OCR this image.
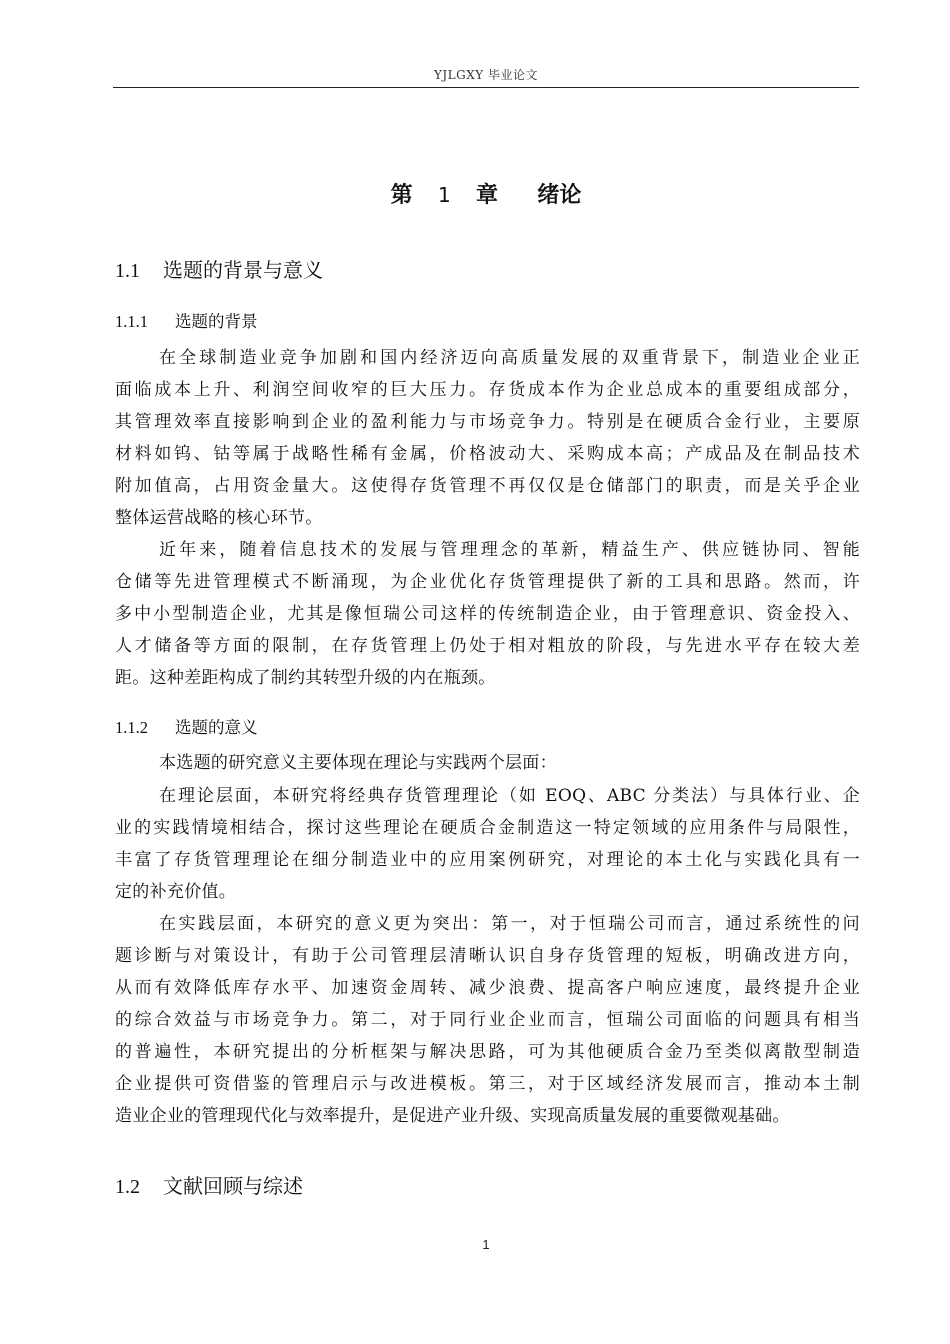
YJLGXY 毕业论文
第 1 章 绪论
1.1 选题的背景与意义
1.1.1 选题的背景
在全球制造业竞争加剧和国内经济迈向高质量发展的双重背景下，制造业企业正
面临成本上升、利润空间收窄的巨大压力。存货成本作为企业总成本的重要组成部分，
其管理效率直接影响到企业的盈利能力与市场竞争力。特别是在硬质合金行业，主要原
材料如钨、钴等属于战略性稀有金属，价格波动大、采购成本高；产成品及在制品技术
附加值高，占用资金量大。这使得存货管理不再仅仅是仓储部门的职责，而是关乎企业
整体运营战略的核心环节。
近年来，随着信息技术的发展与管理理念的革新，精益生产、供应链协同、智能
仓储等先进管理模式不断涌现，为企业优化存货管理提供了新的工具和思路。然而，许
多中小型制造企业，尤其是像恒瑞公司这样的传统制造企业，由于管理意识、资金投入、
人才储备等方面的限制，在存货管理上仍处于相对粗放的阶段，与先进水平存在较大差
距。这种差距构成了制约其转型升级的内在瓶颈。
1.1.2 选题的意义
本选题的研究意义主要体现在理论与实践两个层面：
在理论层面，本研究将经典存货管理理论（如 EOQ、ABC 分类法）与具体行业、企
业的实践情境相结合，探讨这些理论在硬质合金制造这一特定领域的应用条件与局限性，
丰富了存货管理理论在细分制造业中的应用案例研究，对理论的本土化与实践化具有一
定的补充价值。
在实践层面，本研究的意义更为突出：第一，对于恒瑞公司而言，通过系统性的问
题诊断与对策设计，有助于公司管理层清晰认识自身存货管理的短板，明确改进方向，
从而有效降低库存水平、加速资金周转、减少浪费、提高客户响应速度，最终提升企业
的综合效益与市场竞争力。第二，对于同行业企业而言，恒瑞公司面临的问题具有相当
的普遍性，本研究提出的分析框架与解决思路，可为其他硬质合金乃至类似离散型制造
企业提供可资借鉴的管理启示与改进模板。第三，对于区域经济发展而言，推动本土制
造业企业的管理现代化与效率提升，是促进产业升级、实现高质量发展的重要微观基础。
1.2 文献回顾与综述
1
